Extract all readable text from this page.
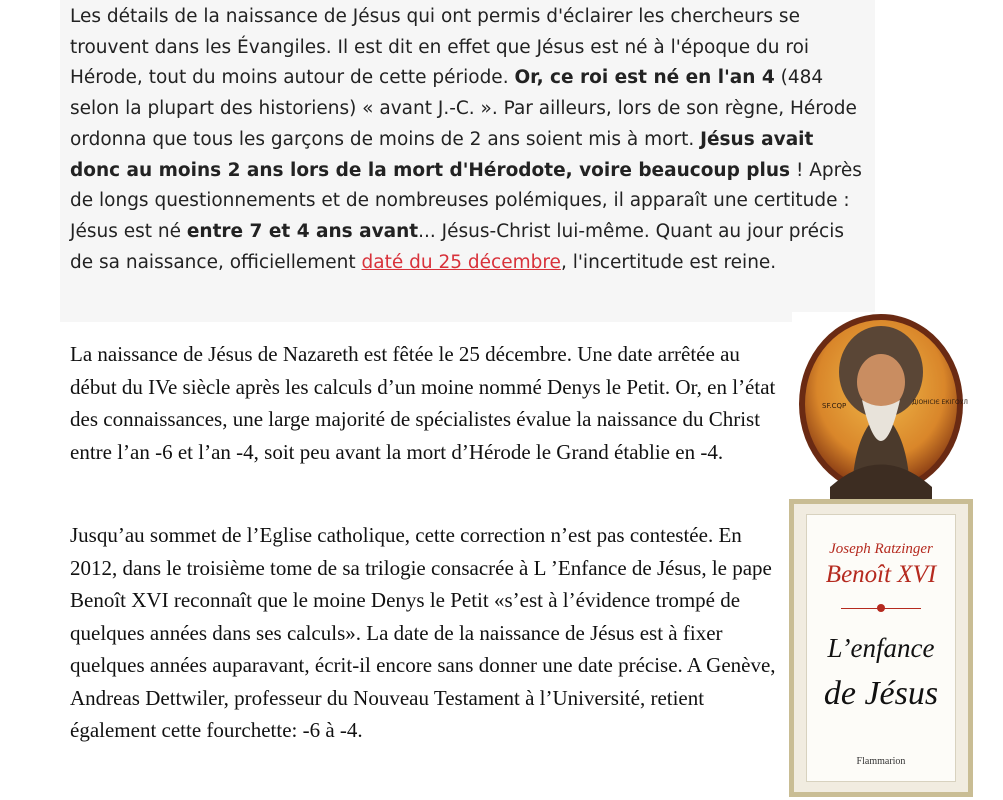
Les détails de la naissance de Jésus qui ont permis d'éclairer les chercheurs se trouvent dans les Évangiles. Il est dit en effet que Jésus est né à l'époque du roi Hérode, tout du moins autour de cette période. Or, ce roi est né en l'an 4 (484 selon la plupart des historiens) « avant J.-C. ». Par ailleurs, lors de son règne, Hérode ordonna que tous les garçons de moins de 2 ans soient mis à mort. Jésus avait donc au moins 2 ans lors de la mort d'Hérodote, voire beaucoup plus ! Après de longs questionnements et de nombreuses polémiques, il apparaît une certitude : Jésus est né entre 7 et 4 ans avant... Jésus-Christ lui-même. Quant au jour précis de sa naissance, officiellement daté du 25 décembre, l'incertitude est reine.

La naissance de Jésus de Nazareth est fêtée le 25 décembre. Une date arrêtée au début du IVe siècle après les calculs d’un moine nommé Denys le Petit. Or, en l’état des connaissances, une large majorité de spécialistes évalue la naissance du Christ entre l’an -6 et l’an -4, soit peu avant la mort d’Hérode le Grand établie en -4.

Jusqu’au sommet de l’Eglise catholique, cette correction n’est pas contestée. En 2012, dans le troisième tome de sa trilogie consacrée à L ’Enfance de Jésus, le pape Benoît XVI reconnaît que le moine Denys le Petit «s’est à l’évidence trompé de quelques années dans ses calculs». La date de la naissance de Jésus est à fixer quelques années auparavant, écrit-il encore sans donner une date précise. A Genève, Andreas Dettwiler, professeur du Nouveau Testament à l’Université, retient également cette fourchette: -6 à -4.

SF.CQP	ДІОНІСІЄ ЕКІГОУЛ
Joseph Ratzinger
Benoît XVI
L’enfance
de Jésus
Flammarion
